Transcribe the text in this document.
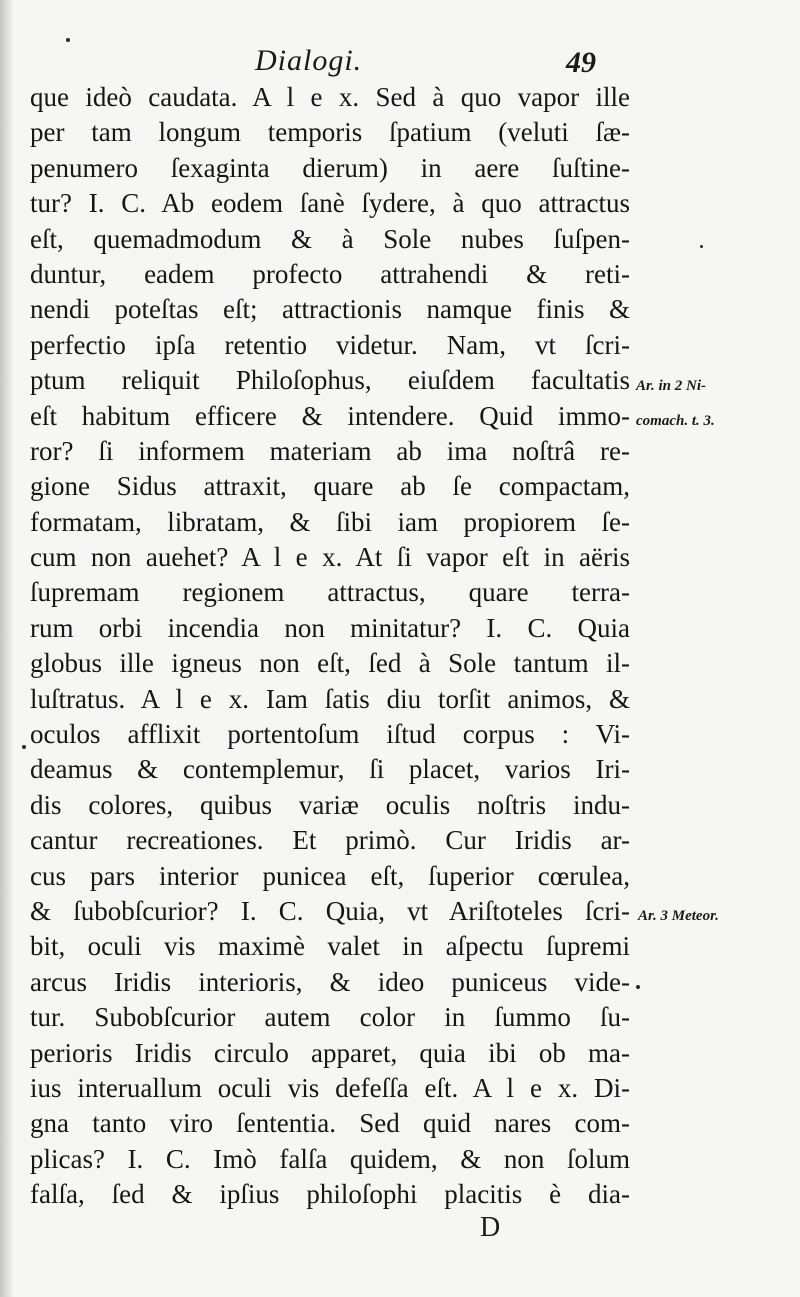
Dialogi.	49
que ideò caudata. A l e x. Sed à quo vapor ille
per tam longum temporis ſpatium (veluti ſæ-
penumero ſexaginta dierum) in aere ſuſtine-
tur? I. C. Ab eodem ſanè ſydere, à quo attractus
eſt, quemadmodum & à Sole nubes ſuſpen-
duntur, eadem profecto attrahendi & reti-
nendi poteſtas eſt; attractionis namque finis &
perfectio ipſa retentio videtur. Nam, vt ſcri-
ptum reliquit Philoſophus, eiuſdem facultatis
eſt habitum efficere & intendere. Quid immo-
ror? ſi informem materiam ab ima noſtrâ re-
gione Sidus attraxit, quare ab ſe compactam,
formatam, libratam, & ſibi iam propiorem ſe-
cum non auehet? A l e x. At ſi vapor eſt in aëris
ſupremam regionem attractus, quare terra-
rum orbi incendia non minitatur? I. C. Quia
globus ille igneus non eſt, ſed à Sole tantum il-
luſtratus. A l e x. Iam ſatis diu torſit animos, &
oculos afflixit portentoſum iſtud corpus : Vi-
deamus & contemplemur, ſi placet, varios Iri-
dis colores, quibus variæ oculis noſtris indu-
cantur recreationes. Et primò. Cur Iridis ar-
cus pars interior punicea eſt, ſuperior cœrulea,
& ſubobſcurior? I. C. Quia, vt Ariſtoteles ſcri-
bit, oculi vis maximè valet in aſpectu ſupremi
arcus Iridis interioris, & ideo puniceus vide-
tur. Subobſcurior autem color in ſummo ſu-
perioris Iridis circulo apparet, quia ibi ob ma-
ius interuallum oculi vis defeſſa eſt. A l e x. Di-
gna tanto viro ſententia. Sed quid nares com-
plicas? I. C. Imò falſa quidem, & non ſolum
falſa, ſed & ipſius philoſophi placitis è dia-
Ar. in 2 Ni-
comach. t. 3.
Ar. 3 Meteor.
D
